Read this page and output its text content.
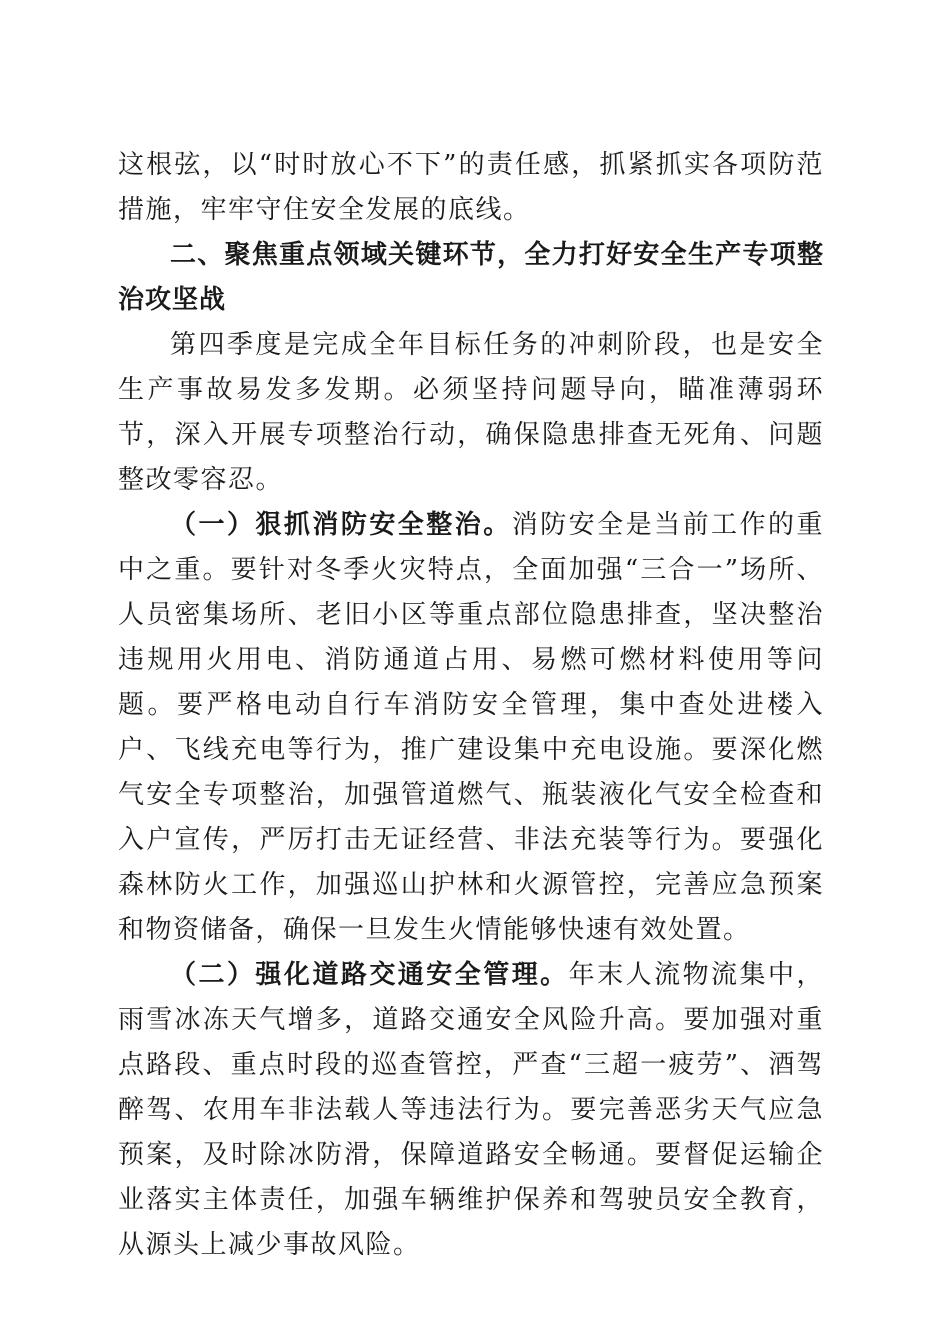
这根弦，以“时时放心不下”的责任感，抓紧抓实各项防范措施，牢牢守住安全发展的底线。

二、聚焦重点领域关键环节，全力打好安全生产专项整治攻坚战

第四季度是完成全年目标任务的冲刺阶段，也是安全生产事故易发多发期。必须坚持问题导向，瞄准薄弱环节，深入开展专项整治行动，确保隐患排查无死角、问题整改零容忍。

（一）狠抓消防安全整治。消防安全是当前工作的重中之重。要针对冬季火灾特点，全面加强“三合一”场所、人员密集场所、老旧小区等重点部位隐患排查，坚决整治违规用火用电、消防通道占用、易燃可燃材料使用等问题。要严格电动自行车消防安全管理，集中查处进楼入户、飞线充电等行为，推广建设集中充电设施。要深化燃气安全专项整治，加强管道燃气、瓶装液化气安全检查和入户宣传，严厉打击无证经营、非法充装等行为。要强化森林防火工作，加强巡山护林和火源管控，完善应急预案和物资储备，确保一旦发生火情能够快速有效处置。

（二）强化道路交通安全管理。年末人流物流集中，雨雪冰冻天气增多，道路交通安全风险升高。要加强对重点路段、重点时段的巡查管控，严查“三超一疲劳”、酒驾醉驾、农用车非法载人等违法行为。要完善恶劣天气应急预案，及时除冰防滑，保障道路安全畅通。要督促运输企业落实主体责任，加强车辆维护保养和驾驶员安全教育，从源头上减少事故风险。
